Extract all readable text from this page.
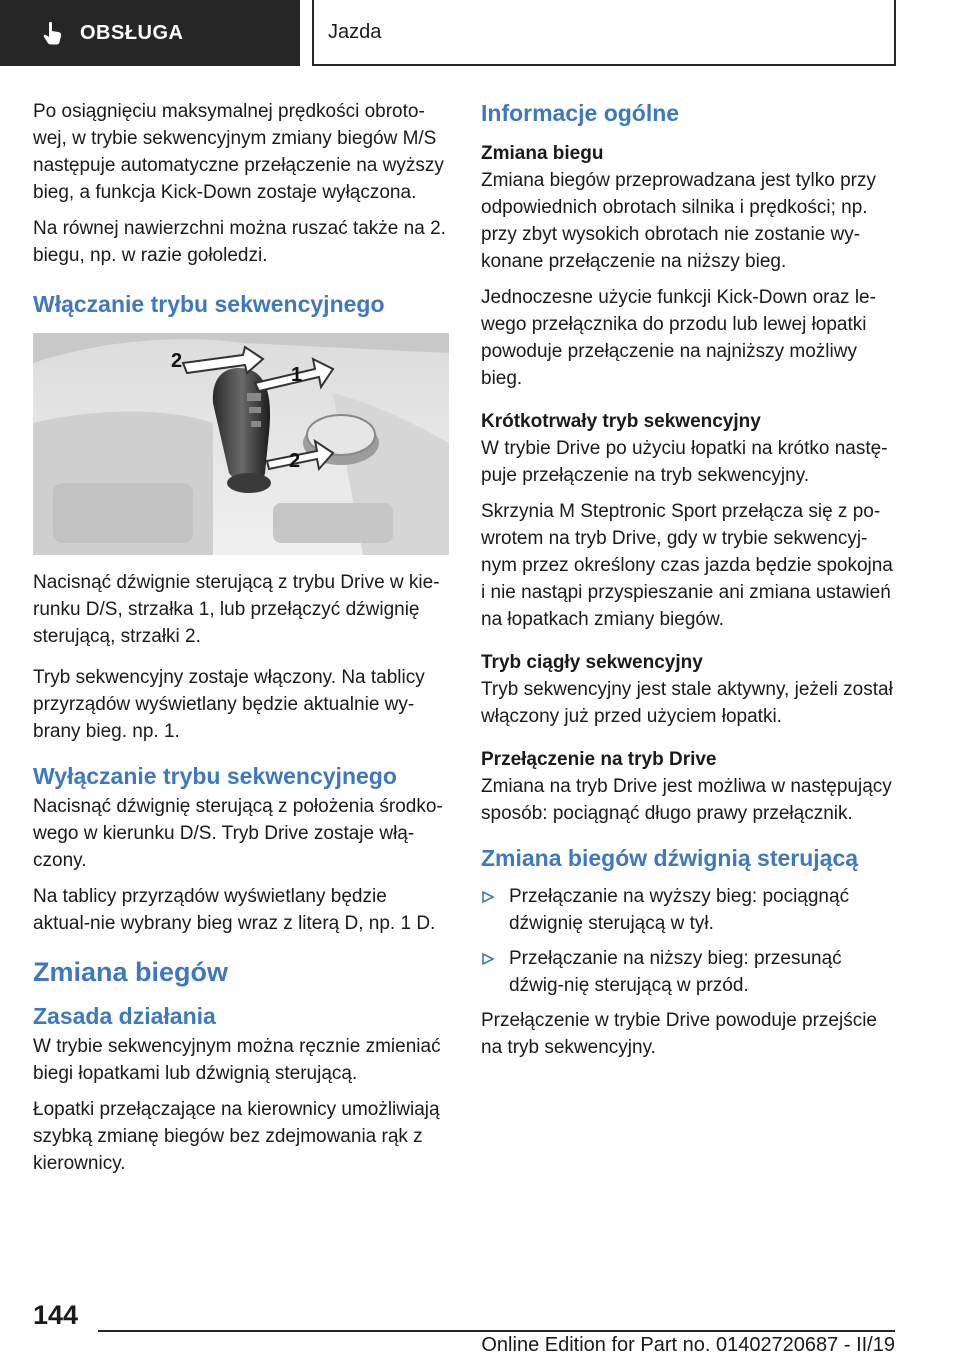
OBSŁUGA	Jazda

Po osiągnięciu maksymalnej prędkości obroto‐wej, w trybie sekwencyjnym zmiany biegów M/S następuje automatyczne przełączenie na wyższy bieg, a funkcja Kick-Down zostaje wyłączona.

Na równej nawierzchni można ruszać także na 2. biegu, np. w razie gołoledzi.

Włączanie trybu sekwencyjnego
2
1
2

Nacisnąć dźwignie sterującą z trybu Drive w kie‐runku D/S, strzałka 1, lub przełączyć dźwignię sterującą, strzałki 2.

Tryb sekwencyjny zostaje włączony. Na tablicy przyrządów wyświetlany będzie aktualnie wy‐brany bieg. np. 1.

Wyłączanie trybu sekwencyjnego

Nacisnąć dźwignię sterującą z położenia środko‐wego w kierunku D/S. Tryb Drive zostaje włą‐czony.

Na tablicy przyrządów wyświetlany będzie aktual‐nie wybrany bieg wraz z literą D, np. 1 D.

Zmiana biegów
Zasada działania

W trybie sekwencyjnym można ręcznie zmieniać biegi łopatkami lub dźwignią sterującą.

Łopatki przełączające na kierownicy umożliwiają szybką zmianę biegów bez zdejmowania rąk z kierownicy.

Informacje ogólne
Zmiana biegu

Zmiana biegów przeprowadzana jest tylko przy odpowiednich obrotach silnika i prędkości; np. przy zbyt wysokich obrotach nie zostanie wy‐konane przełączenie na niższy bieg.

Jednoczesne użycie funkcji Kick-Down oraz le‐wego przełącznika do przodu lub lewej łopatki powoduje przełączenie na najniższy możliwy bieg.

Krótkotrwały tryb sekwencyjny

W trybie Drive po użyciu łopatki na krótko nastę‐puje przełączenie na tryb sekwencyjny.

Skrzynia M Steptronic Sport przełącza się z po‐wrotem na tryb Drive, gdy w trybie sekwencyj‐nym przez określony czas jazda będzie spokojna i nie nastąpi przyspieszanie ani zmiana ustawień na łopatkach zmiany biegów.

Tryb ciągły sekwencyjny

Tryb sekwencyjny jest stale aktywny, jeżeli został włączony już przed użyciem łopatki.

Przełączenie na tryb Drive

Zmiana na tryb Drive jest możliwa w następujący sposób: pociągnąć długo prawy przełącznik.

Zmiana biegów dźwignią sterującą
Przełączanie na wyższy bieg: pociągnąć dźwignię sterującą w tył.
Przełączanie na niższy bieg: przesunąć dźwig‐nię sterującą w przód.

Przełączenie w trybie Drive powoduje przejście na tryb sekwencyjny.

144
Online Edition for Part no. 01402720687 - II/19
